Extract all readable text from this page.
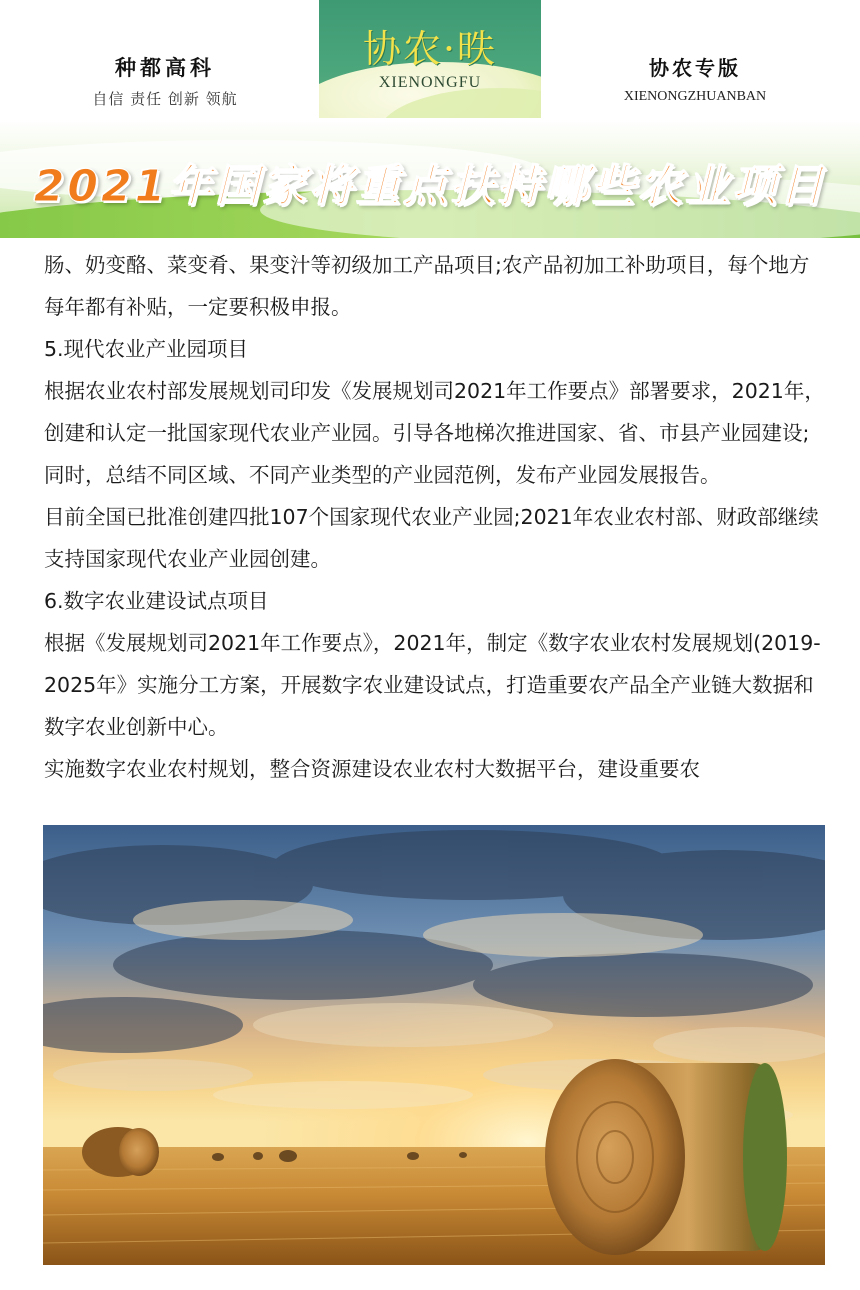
种都高科
自信 责任 创新 领航
协农·昳
XIENONGFU
协农专版
XIENONGZHUANBAN
2021年国家将重点扶持哪些农业项目

肠、奶变酪、菜变肴、果变汁等初级加工产品项目;农产品初加工补助项目，每个地方每年都有补贴，一定要积极申报。

5.现代农业产业园项目

根据农业农村部发展规划司印发《发展规划司2021年工作要点》部署要求，2021年，创建和认定一批国家现代农业产业园。引导各地梯次推进国家、省、市县产业园建设;同时，总结不同区域、不同产业类型的产业园范例，发布产业园发展报告。

目前全国已批准创建四批107个国家现代农业产业园;2021年农业农村部、财政部继续支持国家现代农业产业园创建。

6.数字农业建设试点项目

根据《发展规划司2021年工作要点》，2021年，制定《数字农业农村发展规划(2019-2025年》实施分工方案，开展数字农业建设试点，打造重要农产品全产业链大数据和数字农业创新中心。

实施数字农业农村规划，整合资源建设农业农村大数据平台，建设重要农
